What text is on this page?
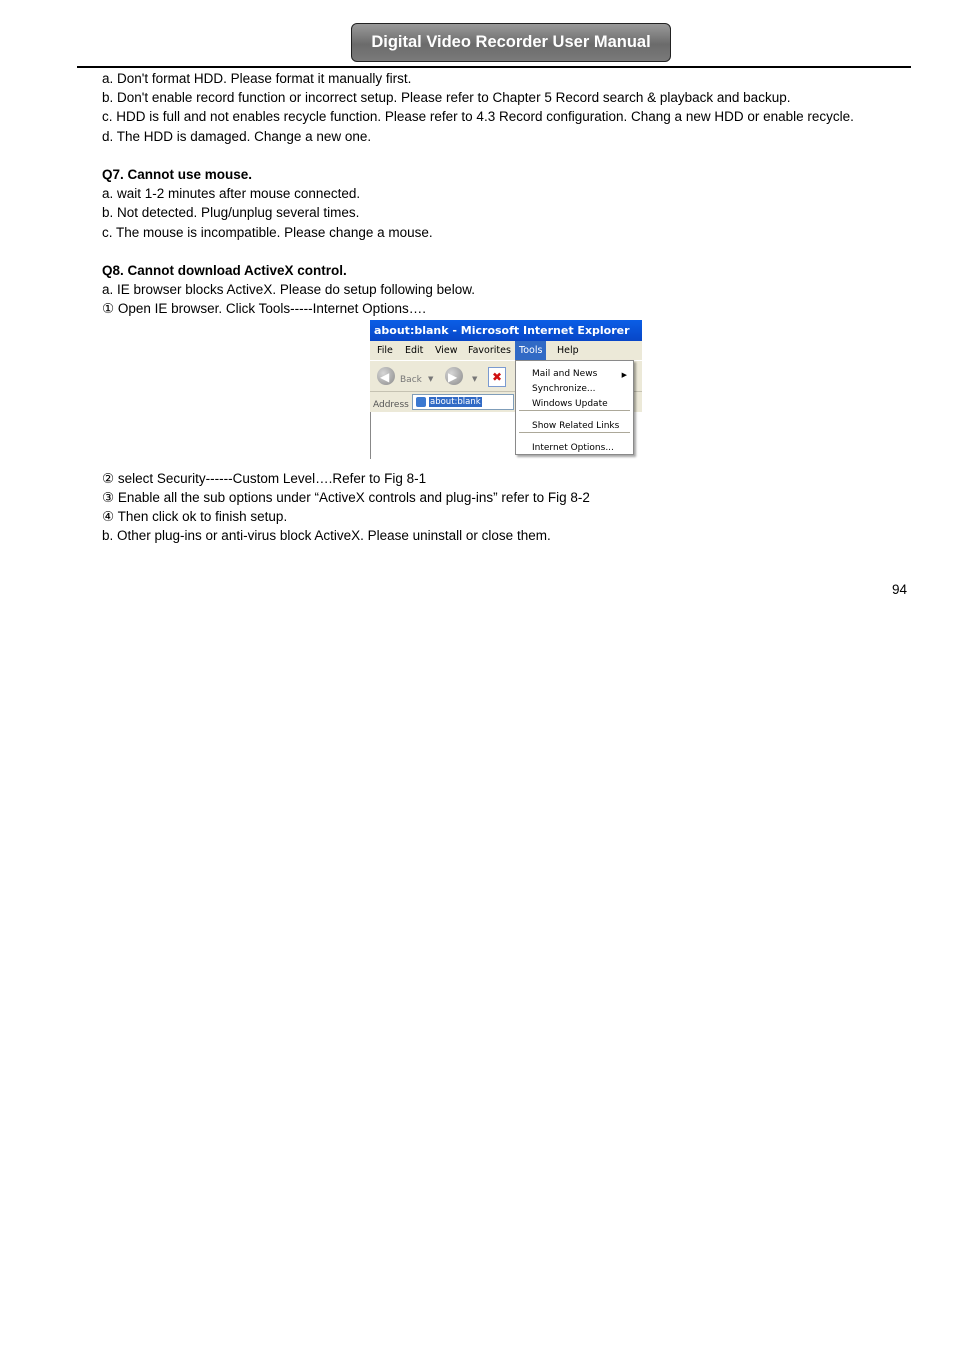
Digital Video Recorder User Manual

a. Don't format HDD. Please format it manually first.

b. Don't enable record function or incorrect setup. Please refer to Chapter 5 Record search & playback and backup.

c. HDD is full and not enables recycle function. Please refer to 4.3 Record configuration. Chang a new HDD or enable recycle.

d. The HDD is damaged. Change a new one.

Q7. Cannot use mouse.

a. wait 1-2 minutes after mouse connected.

b. Not detected. Plug/unplug several times.

c. The mouse is incompatible. Please change a mouse.

Q8. Cannot download ActiveX control.

a. IE browser blocks ActiveX. Please do setup following below.

① Open IE browser. Click Tools-----Internet Options….

about:blank - Microsoft Internet Explorer
File Edit View Favorites Tools	Help
◀ Back ▼ ▶ ▼ ✖
Address about:blank
Mail and News	▶
Synchronize...
Windows Update
Show Related Links
Internet Options...

② select Security------Custom Level….Refer to Fig 8-1

③ Enable all the sub options under “ActiveX controls and plug-ins” refer to Fig 8-2

④ Then click ok to finish setup.

b. Other plug-ins or anti-virus block ActiveX. Please uninstall or close them.

94
